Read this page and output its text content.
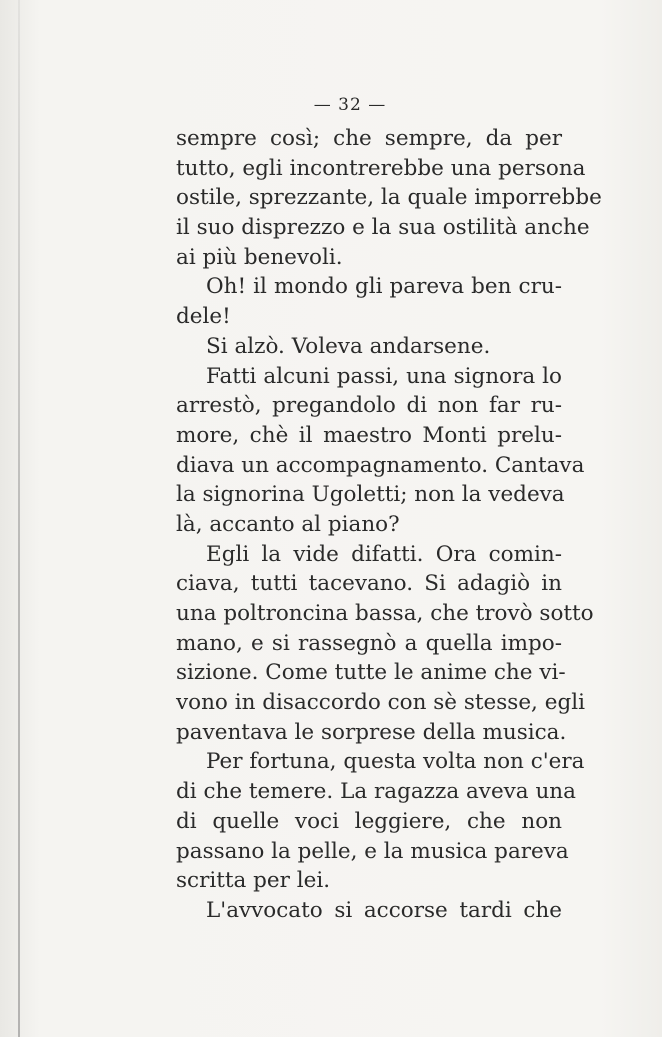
— 32 —
sempre così; che sempre, da per
tutto, egli incontrerebbe una persona
ostile, sprezzante, la quale imporrebbe
il suo disprezzo e la sua ostilità anche
ai più benevoli.
Oh! il mondo gli pareva ben cru-
dele!
Si alzò. Voleva andarsene.
Fatti alcuni passi, una signora lo
arrestò, pregandolo di non far ru-
more, chè il maestro Monti prelu-
diava un accompagnamento. Cantava
la signorina Ugoletti; non la vedeva
là, accanto al piano?
Egli la vide difatti. Ora comin-
ciava, tutti tacevano. Si adagiò in
una poltroncina bassa, che trovò sotto
mano, e si rassegnò a quella impo-
sizione. Come tutte le anime che vi-
vono in disaccordo con sè stesse, egli
paventava le sorprese della musica.
Per fortuna, questa volta non c'era
di che temere. La ragazza aveva una
di quelle voci leggiere, che non
passano la pelle, e la musica pareva
scritta per lei.
L'avvocato si accorse tardi che
